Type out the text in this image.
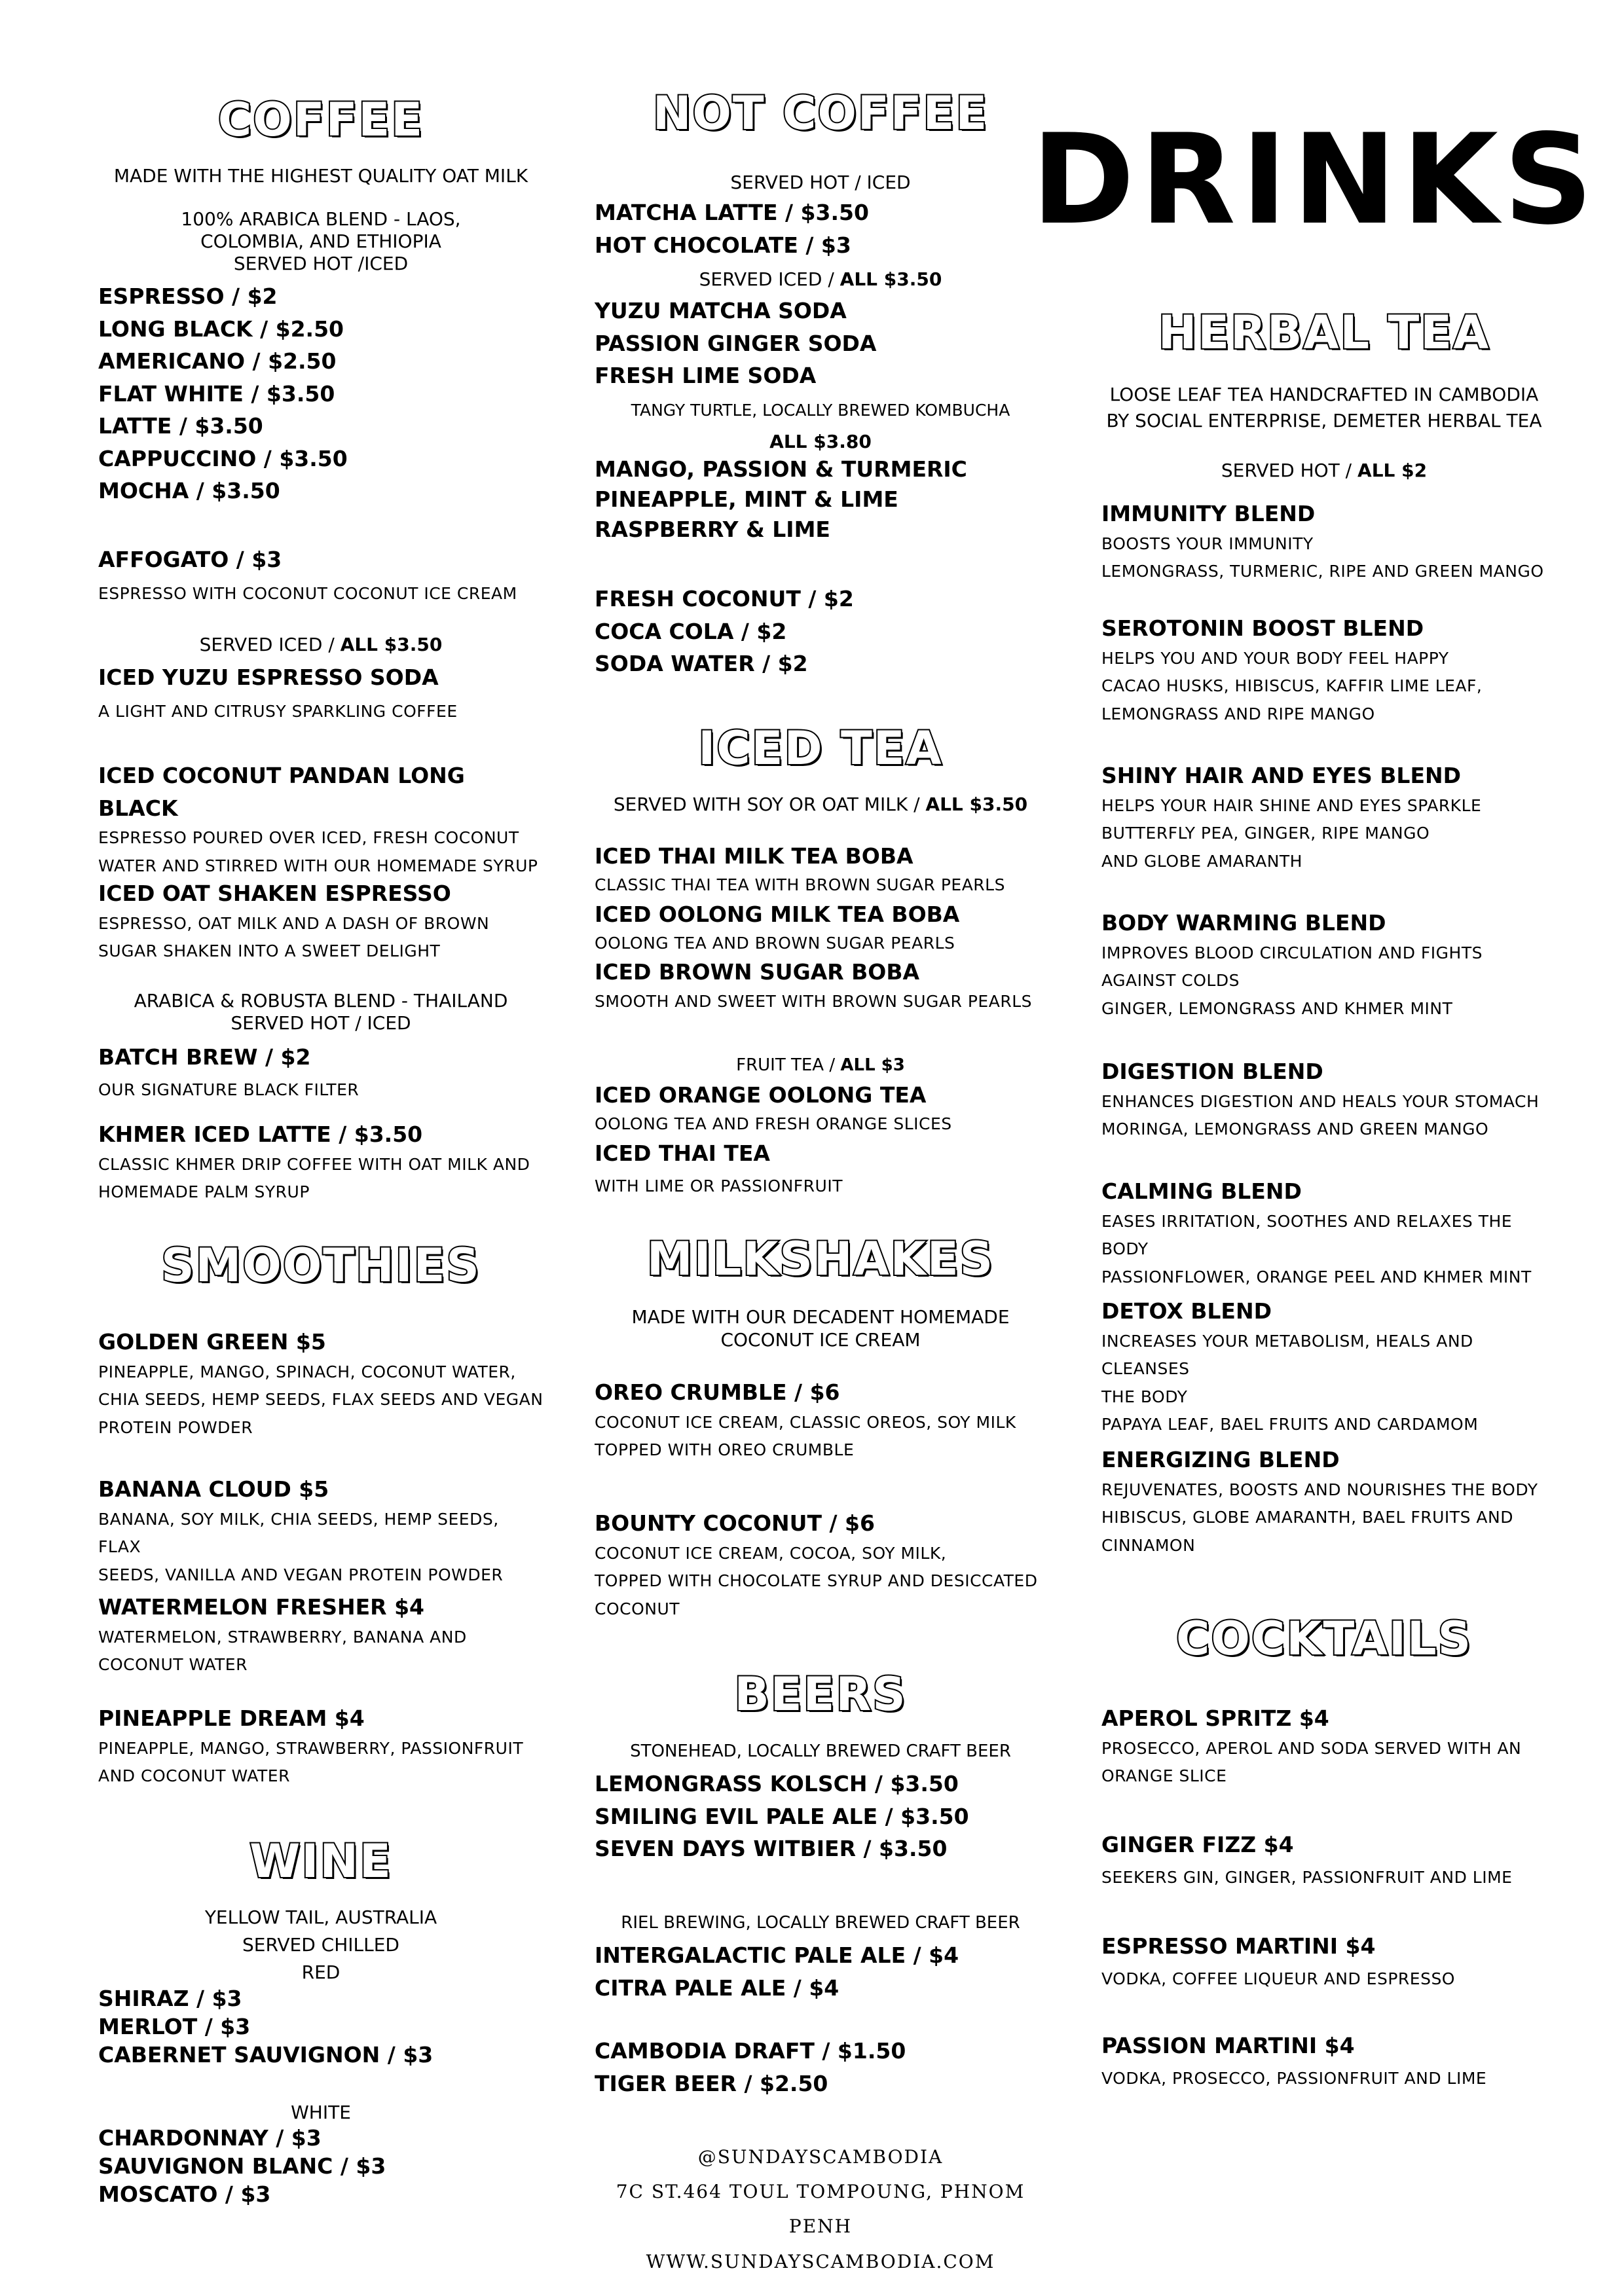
DRINKS
COFFEE
MADE WITH THE HIGHEST QUALITY OAT MILK
100% ARABICA BLEND - LAOS, COLOMBIA, AND ETHIOPIA
SERVED HOT /ICED
ESPRESSO / $2
LONG BLACK / $2.50
AMERICANO / $2.50
FLAT WHITE / $3.50
LATTE / $3.50
CAPPUCCINO / $3.50
MOCHA / $3.50
AFFOGATO / $3
ESPRESSO WITH COCONUT COCONUT ICE CREAM
SERVED ICED / ALL $3.50
ICED YUZU ESPRESSO SODA
A LIGHT AND CITRUSY SPARKLING COFFEE
ICED COCONUT PANDAN LONG BLACK
ESPRESSO POURED OVER ICED, FRESH COCONUT
WATER AND STIRRED WITH OUR HOMEMADE SYRUP
ICED OAT SHAKEN ESPRESSO
ESPRESSO, OAT MILK AND A DASH OF BROWN
SUGAR SHAKEN INTO A SWEET DELIGHT
ARABICA & ROBUSTA BLEND - THAILAND
SERVED HOT / ICED
BATCH BREW / $2
OUR SIGNATURE BLACK FILTER
KHMER ICED LATTE / $3.50
CLASSIC KHMER DRIP COFFEE WITH OAT MILK AND
HOMEMADE PALM SYRUP
SMOOTHIES
GOLDEN GREEN $5
PINEAPPLE, MANGO, SPINACH, COCONUT WATER,
CHIA SEEDS, HEMP SEEDS, FLAX SEEDS AND VEGAN
PROTEIN POWDER
BANANA CLOUD $5
BANANA, SOY MILK, CHIA SEEDS, HEMP SEEDS, FLAX
SEEDS, VANILLA AND VEGAN PROTEIN POWDER
WATERMELON FRESHER $4
WATERMELON, STRAWBERRY, BANANA AND
COCONUT WATER
PINEAPPLE DREAM $4
PINEAPPLE, MANGO, STRAWBERRY, PASSIONFRUIT
AND COCONUT WATER
WINE
YELLOW TAIL, AUSTRALIA
SERVED CHILLED
RED
SHIRAZ / $3
MERLOT / $3
CABERNET SAUVIGNON / $3
WHITE
CHARDONNAY / $3
SAUVIGNON BLANC / $3
MOSCATO / $3
NOT COFFEE
SERVED HOT / ICED
MATCHA LATTE / $3.50
HOT CHOCOLATE / $3
SERVED ICED / ALL $3.50
YUZU MATCHA SODA
PASSION GINGER SODA
FRESH LIME SODA
TANGY TURTLE, LOCALLY BREWED KOMBUCHA
ALL $3.80
MANGO, PASSION & TURMERIC
PINEAPPLE, MINT & LIME
RASPBERRY & LIME
FRESH COCONUT / $2
COCA COLA / $2
SODA WATER / $2
ICED TEA
SERVED WITH SOY OR OAT MILK / ALL $3.50
ICED THAI MILK TEA BOBA
CLASSIC THAI TEA WITH BROWN SUGAR PEARLS
ICED OOLONG MILK TEA BOBA
OOLONG TEA AND BROWN SUGAR PEARLS
ICED BROWN SUGAR BOBA
SMOOTH AND SWEET WITH BROWN SUGAR PEARLS
FRUIT TEA / ALL $3
ICED ORANGE OOLONG TEA
OOLONG TEA AND FRESH ORANGE SLICES
ICED THAI TEA
WITH LIME OR PASSIONFRUIT
MILKSHAKES
MADE WITH OUR DECADENT HOMEMADE
COCONUT ICE CREAM
OREO CRUMBLE / $6
COCONUT ICE CREAM, CLASSIC OREOS, SOY MILK
TOPPED WITH OREO CRUMBLE
BOUNTY COCONUT / $6
COCONUT ICE CREAM, COCOA, SOY MILK,
TOPPED WITH CHOCOLATE SYRUP AND DESICCATED
COCONUT
BEERS
STONEHEAD, LOCALLY BREWED CRAFT BEER
LEMONGRASS KOLSCH / $3.50
SMILING EVIL PALE ALE / $3.50
SEVEN DAYS WITBIER / $3.50
RIEL BREWING, LOCALLY BREWED CRAFT BEER
INTERGALACTIC PALE ALE / $4
CITRA PALE ALE / $4
CAMBODIA DRAFT / $1.50
TIGER BEER / $2.50
@SUNDAYSCAMBODIA
7C ST.464 TOUL TOMPOUNG, PHNOM PENH
WWW.SUNDAYSCAMBODIA.COM
HERBAL TEA
LOOSE LEAF TEA HANDCRAFTED IN CAMBODIA
BY SOCIAL ENTERPRISE, DEMETER HERBAL TEA
SERVED HOT / ALL $2
IMMUNITY BLEND
BOOSTS YOUR IMMUNITY
LEMONGRASS, TURMERIC, RIPE AND GREEN MANGO
SEROTONIN BOOST BLEND
HELPS YOU AND YOUR BODY FEEL HAPPY
CACAO HUSKS, HIBISCUS, KAFFIR LIME LEAF,
LEMONGRASS AND RIPE MANGO
SHINY HAIR AND EYES BLEND
HELPS YOUR HAIR SHINE AND EYES SPARKLE
BUTTERFLY PEA, GINGER, RIPE MANGO
AND GLOBE AMARANTH
BODY WARMING BLEND
IMPROVES BLOOD CIRCULATION AND FIGHTS
AGAINST COLDS
GINGER, LEMONGRASS AND KHMER MINT
DIGESTION BLEND
ENHANCES DIGESTION AND HEALS YOUR STOMACH
MORINGA, LEMONGRASS AND GREEN MANGO
CALMING BLEND
EASES IRRITATION, SOOTHES AND RELAXES THE BODY
PASSIONFLOWER, ORANGE PEEL AND KHMER MINT
DETOX BLEND
INCREASES YOUR METABOLISM, HEALS AND CLEANSES
THE BODY
PAPAYA LEAF, BAEL FRUITS AND CARDAMOM
ENERGIZING BLEND
REJUVENATES, BOOSTS AND NOURISHES THE BODY
HIBISCUS, GLOBE AMARANTH, BAEL FRUITS AND
CINNAMON
COCKTAILS
APEROL SPRITZ $4
PROSECCO, APEROL AND SODA SERVED WITH AN
ORANGE SLICE
GINGER FIZZ $4
SEEKERS GIN, GINGER, PASSIONFRUIT AND LIME
ESPRESSO MARTINI $4
VODKA, COFFEE LIQUEUR AND ESPRESSO
PASSION MARTINI $4
VODKA, PROSECCO, PASSIONFRUIT AND LIME
